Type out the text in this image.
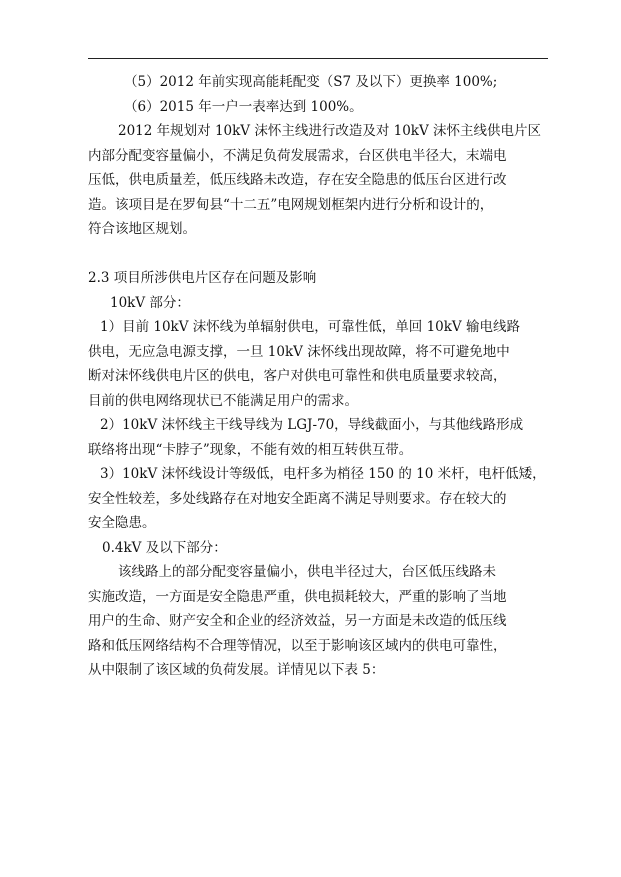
（5）2012 年前实现高能耗配变（S7 及以下）更换率 100%;

（6）2015 年一户一表率达到 100%。

2012 年规划对 10kV 沫怀主线进行改造及对 10kV 沫怀主线供电片区

内部分配变容量偏小，不满足负荷发展需求，台区供电半径大，末端电

压低，供电质量差，低压线路未改造，存在安全隐患的低压台区进行改

造。该项目是在罗甸县“十二五”电网规划框架内进行分析和设计的，

符合该地区规划。

2.3 项目所涉供电片区存在问题及影响

10kV 部分：

1）目前 10kV 沫怀线为单辐射供电，可靠性低，单回 10kV 输电线路

供电，无应急电源支撑，一旦 10kV 沫怀线出现故障，将不可避免地中

断对沫怀线供电片区的供电，客户对供电可靠性和供电质量要求较高，

目前的供电网络现状已不能满足用户的需求。

2）10kV 沫怀线主干线导线为 LGJ-70，导线截面小，与其他线路形成

联络将出现“卡脖子”现象，不能有效的相互转供互带。

3）10kV 沫怀线设计等级低，电杆多为梢径 150 的 10 米杆，电杆低矮，

安全性较差，多处线路存在对地安全距离不满足导则要求。存在较大的

安全隐患。

0.4kV 及以下部分：

该线路上的部分配变容量偏小，供电半径过大，台区低压线路未

实施改造，一方面是安全隐患严重，供电损耗较大，严重的影响了当地

用户的生命、财产安全和企业的经济效益，另一方面是未改造的低压线

路和低压网络结构不合理等情况，以至于影响该区域内的供电可靠性，

从中限制了该区域的负荷发展。详情见以下表 5：
